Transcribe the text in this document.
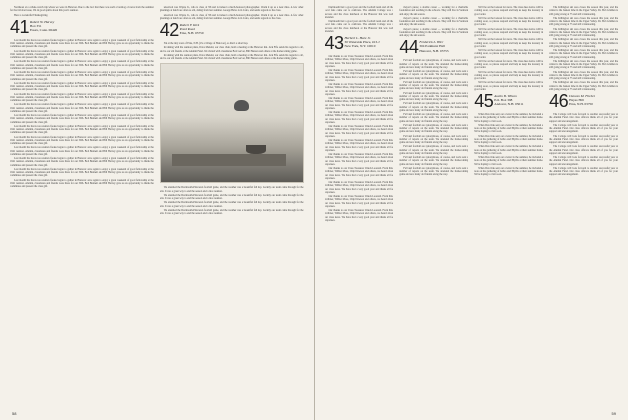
Northeast on a whale-watch trip where we were in Hanover. Due to the fact that there was such a backlog of news from the summer for the October issue, I'm in good spirits about this year's reunion.

Have a wonderful Thanksgiving.

41 Robert W. Harvey
Box 351
Essex, Conn. 06426

Last month the hard-core reunion freaks began to gather in Hanover once again to enjoy a great weekend of good fellowship at the 1941 reunion. Alumni, classmates and friends were there for our 50th. Bob Bennett and Bill Harvey gave us an opportunity to thank the committee and present the class gift.

Last month the hard-core reunion freaks began to gather in Hanover once again to enjoy a great weekend of good fellowship at the 1941 reunion. Alumni, classmates and friends were there for our 50th. Bob Bennett and Bill Harvey gave us an opportunity to thank the committee and present the class gift.

Last month the hard-core reunion freaks began to gather in Hanover once again to enjoy a great weekend of good fellowship at the 1941 reunion. Alumni, classmates and friends were there for our 50th. Bob Bennett and Bill Harvey gave us an opportunity to thank the committee and present the class gift.

Last month the hard-core reunion freaks began to gather in Hanover once again to enjoy a great weekend of good fellowship at the 1941 reunion. Alumni, classmates and friends were there for our 50th. Bob Bennett and Bill Harvey gave us an opportunity to thank the committee and present the class gift.

Last month the hard-core reunion freaks began to gather in Hanover once again to enjoy a great weekend of good fellowship at the 1941 reunion. Alumni, classmates and friends were there for our 50th. Bob Bennett and Bill Harvey gave us an opportunity to thank the committee and present the class gift.

Last month the hard-core reunion freaks began to gather in Hanover once again to enjoy a great weekend of good fellowship at the 1941 reunion. Alumni, classmates and friends were there for our 50th. Bob Bennett and Bill Harvey gave us an opportunity to thank the committee and present the class gift.

Last month the hard-core reunion freaks began to gather in Hanover once again to enjoy a great weekend of good fellowship at the 1941 reunion. Alumni, classmates and friends were there for our 50th. Bob Bennett and Bill Harvey gave us an opportunity to thank the committee and present the class gift.

Last month the hard-core reunion freaks began to gather in Hanover once again to enjoy a great weekend of good fellowship at the 1941 reunion. Alumni, classmates and friends were there for our 50th. Bob Bennett and Bill Harvey gave us an opportunity to thank the committee and present the class gift.

Last month the hard-core reunion freaks began to gather in Hanover once again to enjoy a great weekend of good fellowship at the 1941 reunion. Alumni, classmates and friends were there for our 50th. Bob Bennett and Bill Harvey gave us an opportunity to thank the committee and present the class gift.

Last month the hard-core reunion freaks began to gather in Hanover once again to enjoy a great weekend of good fellowship at the 1941 reunion. Alumni, classmates and friends were there for our 50th. Bob Bennett and Bill Harvey gave us an opportunity to thank the committee and present the class gift.

Last month the hard-core reunion freaks began to gather in Hanover once again to enjoy a great weekend of good fellowship at the 1941 reunion. Alumni, classmates and friends were there for our 50th. Bob Bennett and Bill Harvey gave us an opportunity to thank the committee and present the class gift.

Last month the hard-core reunion freaks began to gather in Hanover once again to enjoy a great weekend of good fellowship at the 1941 reunion. Alumni, classmates and friends were there for our 50th. Bob Bennett and Bill Harvey gave us an opportunity to thank the committee and present the class gift.

Last month the hard-core reunion freaks began to gather in Hanover once again to enjoy a great weekend of good fellowship at the 1941 reunion. Alumni, classmates and friends were there for our 50th. Bob Bennett and Bill Harvey gave us an opportunity to thank the committee and present the class gift.

Last month the hard-core reunion freaks began to gather in Hanover once again to enjoy a great weekend of good fellowship at the 1941 reunion. Alumni, classmates and friends were there for our 50th. Bob Bennett and Bill Harvey gave us an opportunity to thank the committee and present the class gift.

unsolved was Wayne Jr., who is class of '66 and is indeed a much-honored photographer. Chalk it up as a near miss. A few other gleanings at lunch are often as old, dating from last summer. George Balos is in Cairo, and sends regards to the class.

unsolved was Wayne Jr., who is class of '66 and is indeed a much-honored photographer. Chalk it up as a near miss. A few other gleanings at lunch are often as old, dating from last summer. George Balos is in Cairo, and sends regards to the class.

42 Robert F. Kirk
Pond Road
Etna, N.H. 03750

I'm at the tiny town of Etna, N.H. (it's a village of Hanover), so that's a short hop.

In talking with the reunion plans, Dave Mendal, our class chair, held a meeting at the Hanover Inn. Jack Fife sends his regards to all, and to our old friends at the Alumni Fund. We visited with classmates Bob Garver, Bill Hanson and others at the homecoming game.

In talking with the reunion plans, Dave Mendal, our class chair, held a meeting at the Hanover Inn. Jack Fife sends his regards to all, and to our old friends at the Alumni Fund. We visited with classmates Bob Garver, Bill Hanson and others at the homecoming game.

We attended the Dartmouth-Princeton football game, and the weather was a beautiful fall day. Luckily our team came through for the win. It was a great way to end the season and a nice reunion.

We attended the Dartmouth-Princeton football game, and the weather was a beautiful fall day. Luckily our team came through for the win. It was a great way to end the season and a nice reunion.

We attended the Dartmouth-Princeton football game, and the weather was a beautiful fall day. Luckily our team came through for the win. It was a great way to end the season and a nice reunion.

We attended the Dartmouth-Princeton football game, and the weather was a beautiful fall day. Luckily our team came through for the win. It was a great way to end the season and a nice reunion.

58

Dartmouth had a good year and the football team and all the local fans came out to celebrate. The Alumni College was a success and the class luncheon at the Hanover Inn was well attended.

Dartmouth had a good year and the football team and all the local fans came out to celebrate. The Alumni College was a success and the class luncheon at the Hanover Inn was well attended.

43 Herbert L. Hare Jr.
30 Waterside Place, #13-J
New York, N.Y. 10010

Our thanks to our Class Treasurer Chuck Leonard. From Pete Scribner, Wilbur Moss, Chip Dawson and others, we heard about our class news. We have had a very good year and thank all for responses.

Our thanks to our Class Treasurer Chuck Leonard. From Pete Scribner, Wilbur Moss, Chip Dawson and others, we heard about our class news. We have had a very good year and thank all for responses.

Our thanks to our Class Treasurer Chuck Leonard. From Pete Scribner, Wilbur Moss, Chip Dawson and others, we heard about our class news. We have had a very good year and thank all for responses.

Our thanks to our Class Treasurer Chuck Leonard. From Pete Scribner, Wilbur Moss, Chip Dawson and others, we heard about our class news. We have had a very good year and thank all for responses.

Our thanks to our Class Treasurer Chuck Leonard. From Pete Scribner, Wilbur Moss, Chip Dawson and others, we heard about our class news. We have had a very good year and thank all for responses.

Our thanks to our Class Treasurer Chuck Leonard. From Pete Scribner, Wilbur Moss, Chip Dawson and others, we heard about our class news. We have had a very good year and thank all for responses.

Our thanks to our Class Treasurer Chuck Leonard. From Pete Scribner, Wilbur Moss, Chip Dawson and others, we heard about our class news. We have had a very good year and thank all for responses.

Our thanks to our Class Treasurer Chuck Leonard. From Pete Scribner, Wilbur Moss, Chip Dawson and others, we heard about our class news. We have had a very good year and thank all for responses.

Our thanks to our Class Treasurer Chuck Leonard. From Pete Scribner, Wilbur Moss, Chip Dawson and others, we heard about our class news. We have had a very good year and thank all for responses.

Our thanks to our Class Treasurer Chuck Leonard. From Pete Scribner, Wilbur Moss, Chip Dawson and others, we heard about our class news. We have had a very good year and thank all for responses.

Our thanks to our Class Treasurer Chuck Leonard. From Pete Scribner, Wilbur Moss, Chip Dawson and others, we heard about our class news. We have had a very good year and thank all for responses.

Our thanks to our Class Treasurer Chuck Leonard. From Pete Scribner, Wilbur Moss, Chip Dawson and others, we heard about our class news. We have had a very good year and thank all for responses.

mayor's purse; a double career — working for a charitable foundation and teaching in the schools. They still live in Vermont and enjoy the ski season.

mayor's purse; a double career — working for a charitable foundation and teaching in the schools. They still live in Vermont and enjoy the ski season.

mayor's purse; a double career — working for a charitable foundation and teaching in the schools. They still live in Vermont and enjoy the ski season.

44 Frederick L. Hier
304 Parkhurst Hall
Hanover, N.H. 03755

Fall and football are synonymous, of course, and we're sent a number of reports on the team. We attended the homecoming game and saw many old friends along the way.

Fall and football are synonymous, of course, and we're sent a number of reports on the team. We attended the homecoming game and saw many old friends along the way.

Fall and football are synonymous, of course, and we're sent a number of reports on the team. We attended the homecoming game and saw many old friends along the way.

Fall and football are synonymous, of course, and we're sent a number of reports on the team. We attended the homecoming game and saw many old friends along the way.

Fall and football are synonymous, of course, and we're sent a number of reports on the team. We attended the homecoming game and saw many old friends along the way.

Fall and football are synonymous, of course, and we're sent a number of reports on the team. We attended the homecoming game and saw many old friends along the way.

Fall and football are synonymous, of course, and we're sent a number of reports on the team. We attended the homecoming game and saw many old friends along the way.

Fall and football are synonymous, of course, and we're sent a number of reports on the team. We attended the homecoming game and saw many old friends along the way.

Fall and football are synonymous, of course, and we're sent a number of reports on the team. We attended the homecoming game and saw many old friends along the way.

Fall and football are synonymous, of course, and we're sent a number of reports on the team. We attended the homecoming game and saw many old friends along the way.

Fall and football are synonymous, of course, and we're sent a number of reports on the team. We attended the homecoming game and saw many old friends along the way.

We'll be on the lookout for news. The class dues notice will be coming soon, so please respond and help us keep the treasury in good order.

We'll be on the lookout for news. The class dues notice will be coming soon, so please respond and help us keep the treasury in good order.

We'll be on the lookout for news. The class dues notice will be coming soon, so please respond and help us keep the treasury in good order.

We'll be on the lookout for news. The class dues notice will be coming soon, so please respond and help us keep the treasury in good order.

We'll be on the lookout for news. The class dues notice will be coming soon, so please respond and help us keep the treasury in good order.

We'll be on the lookout for news. The class dues notice will be coming soon, so please respond and help us keep the treasury in good order.

We'll be on the lookout for news. The class dues notice will be coming soon, so please respond and help us keep the treasury in good order.

We'll be on the lookout for news. The class dues notice will be coming soon, so please respond and help us keep the treasury in good order.

45 Austin B. Wilson
P.O. Box 398
Andover, N.H. 03011

When Dan Oak sent out a letter in the summer, he included a note on the gathering of Jethro and Phyllis at their summer home. We're hoping to visit soon.

When Dan Oak sent out a letter in the summer, he included a note on the gathering of Jethro and Phyllis at their summer home. We're hoping to visit soon.

When Dan Oak sent out a letter in the summer, he included a note on the gathering of Jethro and Phyllis at their summer home. We're hoping to visit soon.

When Dan Oak sent out a letter in the summer, he included a note on the gathering of Jethro and Phyllis at their summer home. We're hoping to visit soon.

When Dan Oak sent out a letter in the summer, he included a note on the gathering of Jethro and Phyllis at their summer home. We're hoping to visit soon.

When Dan Oak sent out a letter in the summer, he included a note on the gathering of Jethro and Phyllis at their summer home. We're hoping to visit soon.

The Killington ski area closes the season this year, and the winter is the busiest time in the Upper Valley. Dr. Bob Glidden is still going strong at 75 and still volunteering.

The Killington ski area closes the season this year, and the winter is the busiest time in the Upper Valley. Dr. Bob Glidden is still going strong at 75 and still volunteering.

The Killington ski area closes the season this year, and the winter is the busiest time in the Upper Valley. Dr. Bob Glidden is still going strong at 75 and still volunteering.

The Killington ski area closes the season this year, and the winter is the busiest time in the Upper Valley. Dr. Bob Glidden is still going strong at 75 and still volunteering.

The Killington ski area closes the season this year, and the winter is the busiest time in the Upper Valley. Dr. Bob Glidden is still going strong at 75 and still volunteering.

The Killington ski area closes the season this year, and the winter is the busiest time in the Upper Valley. Dr. Bob Glidden is still going strong at 75 and still volunteering.

The Killington ski area closes the season this year, and the winter is the busiest time in the Upper Valley. Dr. Bob Glidden is still going strong at 75 and still volunteering.

The Killington ski area closes the season this year, and the winter is the busiest time in the Upper Valley. Dr. Bob Glidden is still going strong at 75 and still volunteering.

46 Duncan M. Fitchet
Hayes Hill
Etna, N.H. 03750

The College will look forward to another successful year at the Alumni Fund. Our class officers thank all of you for your support and encouragement.

The College will look forward to another successful year at the Alumni Fund. Our class officers thank all of you for your support and encouragement.

The College will look forward to another successful year at the Alumni Fund. Our class officers thank all of you for your support and encouragement.

The College will look forward to another successful year at the Alumni Fund. Our class officers thank all of you for your support and encouragement.

The College will look forward to another successful year at the Alumni Fund. Our class officers thank all of you for your support and encouragement.

The College will look forward to another successful year at the Alumni Fund. Our class officers thank all of you for your support and encouragement.

59
